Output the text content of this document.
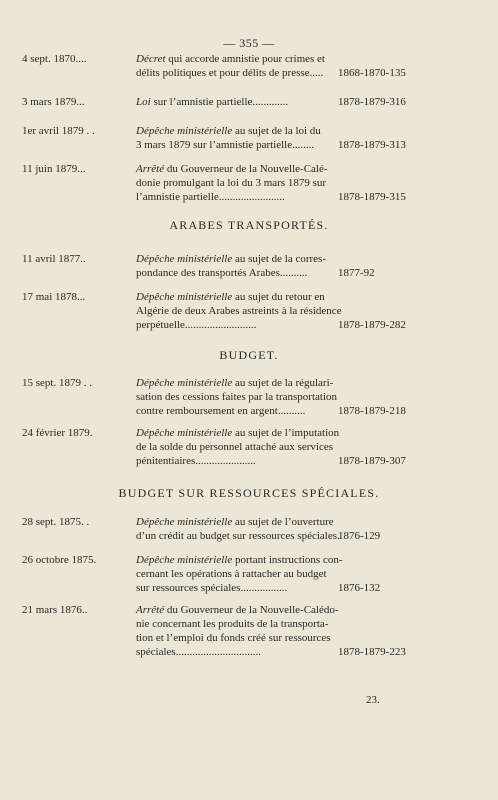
— 355 —
4 sept. 1870....	Décret qui accorde amnistie pour crimes et
délits politiques et pour délits de presse.....	1868-1870-135
3 mars 1879...	Loi sur l’amnistie partielle.............	1878-1879-316
1er avril 1879 . .	Dépêche ministérielle au sujet de la loi du
3 mars 1879 sur l’amnistie partielle........	1878-1879-313
11 juin 1879...	Arrêté du Gouverneur de la Nouvelle-Calé-
donie promulgant la loi du 3 mars 1879 sur
l’amnistie partielle........................	1878-1879-315
ARABES TRANSPORTÉS.
11 avril 1877..	Dépêche ministérielle au sujet de la corres-
pondance des transportés Arabes..........	1877-92
17 mai 1878...	Dépêche ministérielle au sujet du retour en
Algérie de deux Arabes astreints à la résidence
perpétuelle..........................	1878-1879-282
BUDGET.
15 sept. 1879 . .	Dépêche ministérielle au sujet de la régulari-
sation des cessions faites par la transportation
contre remboursement en argent..........	1878-1879-218
24 février 1879.	Dépêche ministérielle au sujet de l’imputation
de la solde du personnel attaché aux services
pénitentiaires......................	1878-1879-307
BUDGET SUR RESSOURCES SPÉCIALES.
28 sept. 1875. .	Dépêche ministérielle au sujet de l’ouverture
d’un crédit au budget sur ressources spéciales.
1876-129
26 octobre 1875.	Dépêche ministérielle portant instructions con-
cernant les opérations à rattacher au budget
sur ressources spéciales.................	1876-132
21 mars 1876..	Arrêté du Gouverneur de la Nouvelle-Calédo-
nie concernant les produits de la transporta-
tion et l’emploi du fonds créé sur ressources
spéciales...............................	1878-1879-223
23.
